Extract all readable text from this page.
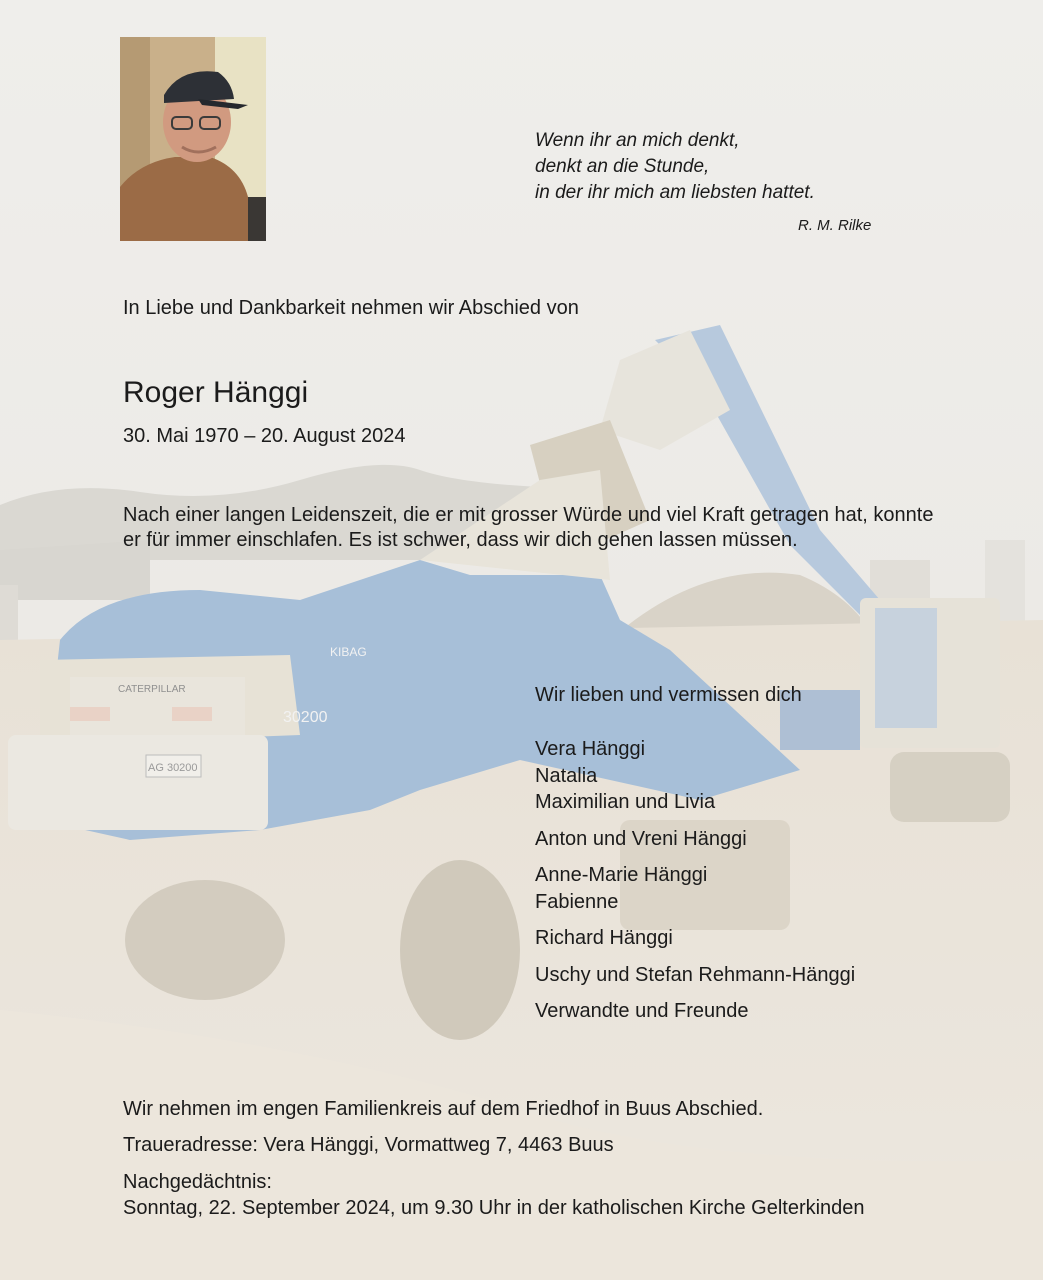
AG 30200
30200
CATERPILLAR
KIBAG
Wenn ihr an mich denkt,
denkt an die Stunde,
in der ihr mich am liebsten hattet.
R. M. Rilke
In Liebe und Dankbarkeit nehmen wir Abschied von
Roger Hänggi
30. Mai 1970 – 20. August 2024
Nach einer langen Leidenszeit, die er mit grosser Würde und viel Kraft getragen hat, konnte er für immer einschlafen. Es ist schwer, dass wir dich gehen lassen müssen.
Wir lieben und vermissen dich
Vera Hänggi
Natalia
Maximilian und Livia
Anton und Vreni Hänggi
Anne-Marie Hänggi
Fabienne
Richard Hänggi
Uschy und Stefan Rehmann-Hänggi
Verwandte und Freunde
Wir nehmen im engen Familienkreis auf dem Friedhof in Buus Abschied.
Traueradresse: Vera Hänggi, Vormattweg 7, 4463 Buus
Nachgedächtnis:
Sonntag, 22. September 2024, um 9.30 Uhr in der katholischen Kirche Gelterkinden
